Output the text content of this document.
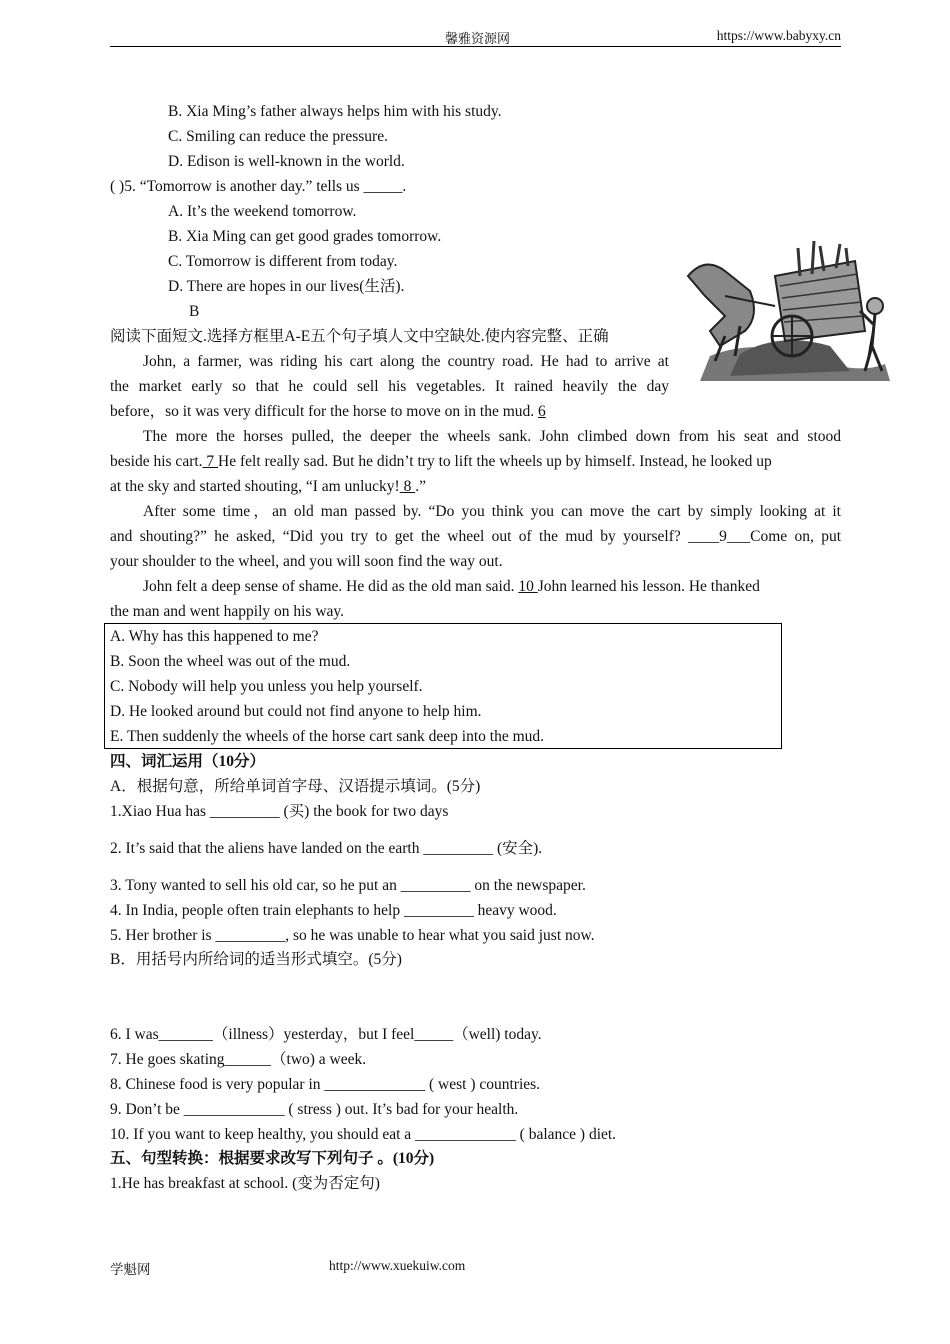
馨雅资源网	https://www.babyxy.cn
B. Xia Ming’s father always helps him with his study.
C. Smiling can reduce the pressure.
D. Edison is well-known in the world.
( )5. “Tomorrow is another day.” tells us _____.
A. It’s the weekend tomorrow.
B. Xia Ming can get good grades tomorrow.
C. Tomorrow is different from today.
D. There are hopes in our lives(生活).
B
阅读下面短文.选择方框里A-E五个句子填人文中空缺处.使内容完整、正确
John, a farmer, was riding his cart along the country road. He had to arrive at
the market early so that he could sell his vegetables. It rained heavily the day
before，so it was very difficult for the horse to move on in the mud. 6
The more the horses pulled, the deeper the wheels sank. John climbed down from his seat and stood
beside his cart. 7 He felt really sad. But he didn’t try to lift the wheels up by himself. Instead, he looked up
at the sky and started shouting, “I am unlucky! 8 .”
After some time，an old man passed by. “Do you think you can move the cart by simply looking at it
and shouting?” he asked, “Did you try to get the wheel out of the mud by yourself? ____9___Come on, put
your shoulder to the wheel, and you will soon find the way out.
John felt a deep sense of shame. He did as the old man said. 10 John learned his lesson. He thanked
the man and went happily on his way.
A. Why has this happened to me?
B. Soon the wheel was out of the mud.
C. Nobody will help you unless you help yourself.
D. He looked around but could not find anyone to help him.
E. Then suddenly the wheels of the horse cart sank deep into the mud.
四、词汇运用（10分）
A．根据句意，所给单词首字母、汉语提示填词。(5分)
1.Xiao Hua has _________ (买) the book for two days
2. It’s said that the aliens have landed on the earth _________ (安全).
3. Tony wanted to sell his old car, so he put an _________ on the newspaper.
4. In India, people often train elephants to help _________ heavy wood.
5. Her brother is _________, so he was unable to hear what you said just now.
B．用括号内所给词的适当形式填空。(5分)
6. I was_______（illness）yesterday，but I feel_____（well) today.
7. He goes skating______（two) a week.
8. Chinese food is very popular in _____________ ( west ) countries.
9. Don’t be _____________ ( stress ) out. It’s bad for your health.
10. If you want to keep healthy, you should eat a _____________ ( balance ) diet.
五、句型转换：根据要求改写下列句子 。(10分)
1.He has breakfast at school. (变为否定句)
学魁网	http://www.xuekuiw.com
